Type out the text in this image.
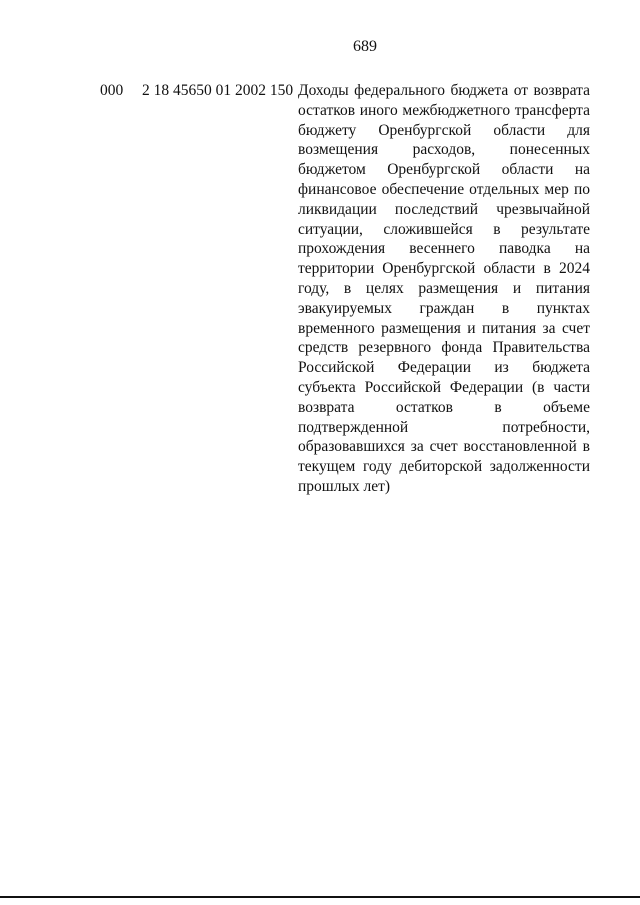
689
000 2 18 45650 01 2002 150 Доходы федерального бюджета от возврата остатков иного межбюджетного трансферта бюджету Оренбургской области для возмещения расходов, понесенных бюджетом Оренбургской области на финансовое обеспечение отдельных мер по ликвидации последствий чрезвычайной ситуации, сложившейся в результате прохождения весеннего паводка на территории Оренбургской области в 2024 году, в целях размещения и питания эвакуируемых граждан в пунктах временного размещения и питания за счет средств резервного фонда Правительства Российской Федерации из бюджета субъекта Российской Федерации (в части возврата остатков в объеме подтвержденной потребности, образовавшихся за счет восстановленной в текущем году дебиторской задолженности прошлых лет)
